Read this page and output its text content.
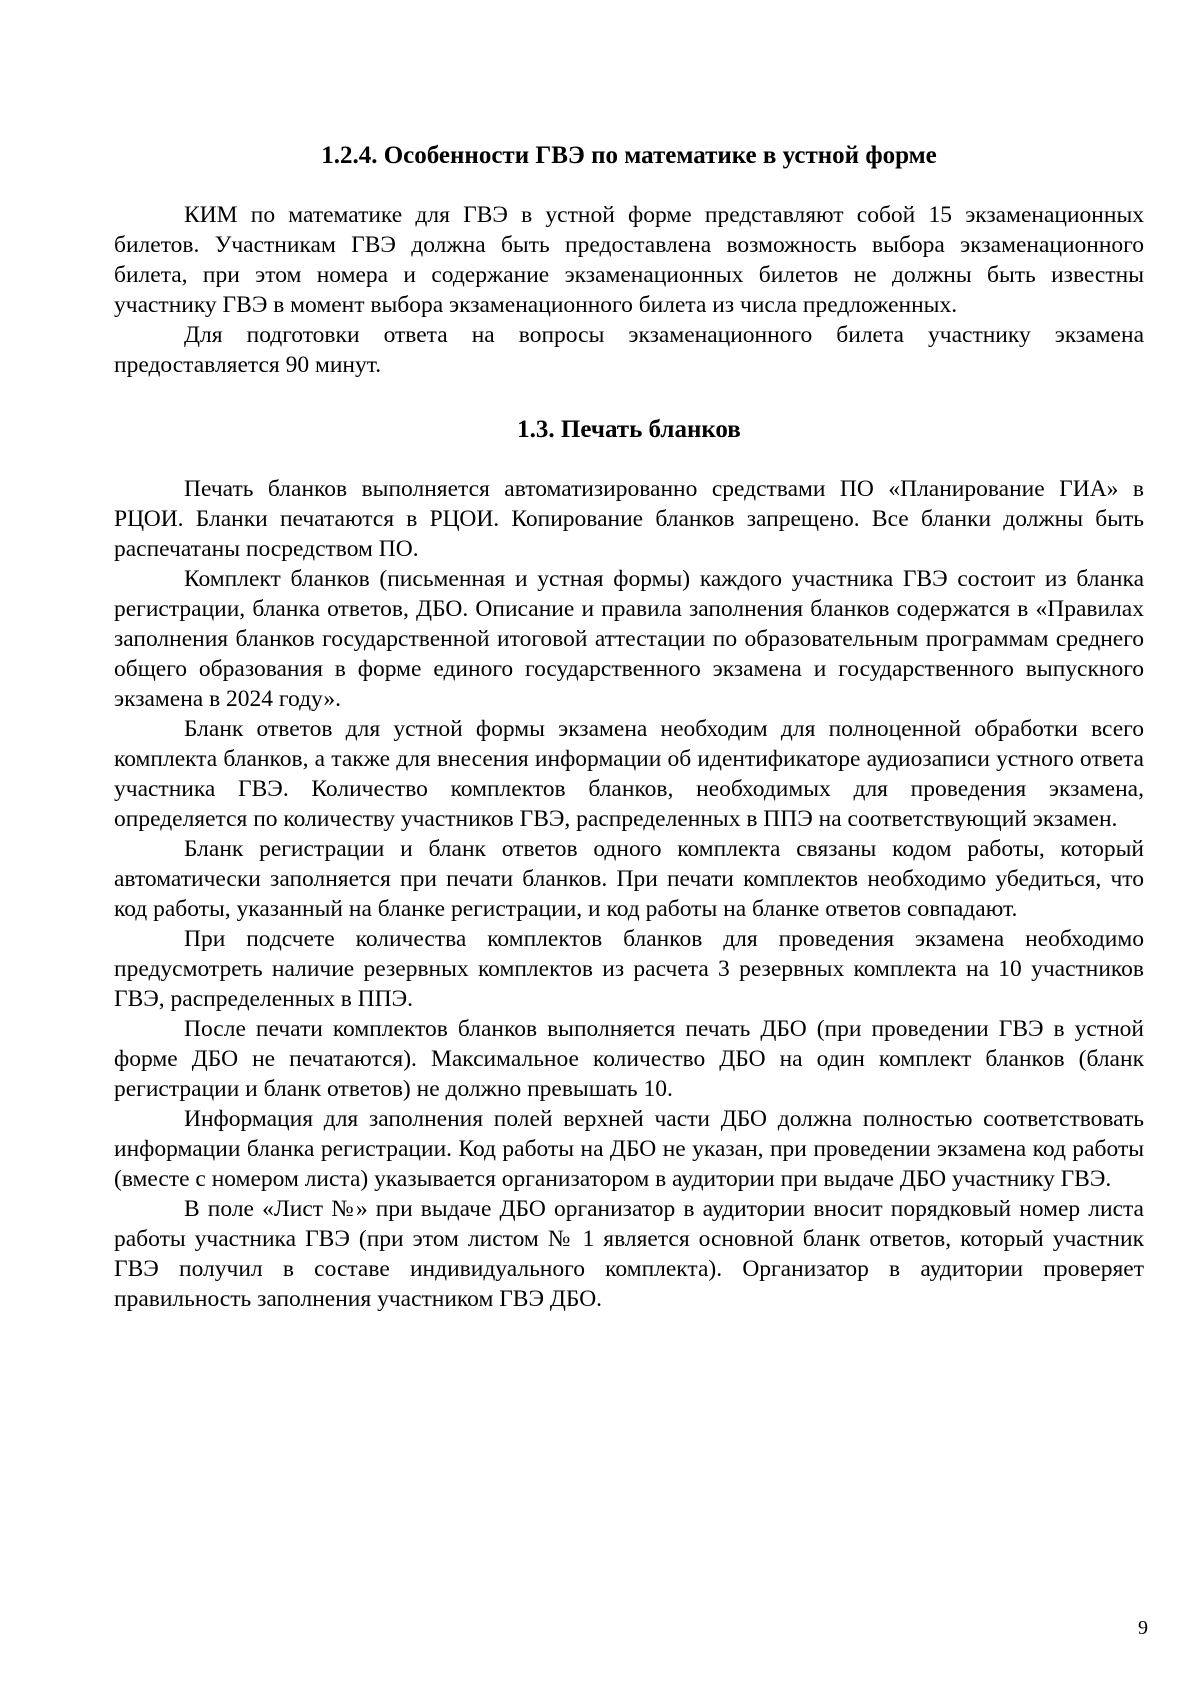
1.2.4. Особенности ГВЭ по математике в устной форме

КИМ по математике для ГВЭ в устной форме представляют собой 15 экзаменационных билетов. Участникам ГВЭ должна быть предоставлена возможность выбора экзаменационного билета, при этом номера и содержание экзаменационных билетов не должны быть известны участнику ГВЭ в момент выбора экзаменационного билета из числа предложенных.

Для подготовки ответа на вопросы экзаменационного билета участнику экзамена предоставляется 90 минут.

1.3. Печать бланков

Печать бланков выполняется автоматизированно средствами ПО «Планирование ГИА» в РЦОИ. Бланки печатаются в РЦОИ. Копирование бланков запрещено. Все бланки должны быть распечатаны посредством ПО.

Комплект бланков (письменная и устная формы) каждого участника ГВЭ состоит из бланка регистрации, бланка ответов, ДБО. Описание и правила заполнения бланков содержатся в «Правилах заполнения бланков государственной итоговой аттестации по образовательным программам среднего общего образования в форме единого государственного экзамена и государственного выпускного экзамена в 2024 году».

Бланк ответов для устной формы экзамена необходим для полноценной обработки всего комплекта бланков, а также для внесения информации об идентификаторе аудиозаписи устного ответа участника ГВЭ. Количество комплектов бланков, необходимых для проведения экзамена, определяется по количеству участников ГВЭ, распределенных в ППЭ на соответствующий экзамен.

Бланк регистрации и бланк ответов одного комплекта связаны кодом работы, который автоматически заполняется при печати бланков. При печати комплектов необходимо убедиться, что код работы, указанный на бланке регистрации, и код работы на бланке ответов совпадают.

При подсчете количества комплектов бланков для проведения экзамена необходимо предусмотреть наличие резервных комплектов из расчета 3 резервных комплекта на 10 участников ГВЭ, распределенных в ППЭ.

После печати комплектов бланков выполняется печать ДБО (при проведении ГВЭ в устной форме ДБО не печатаются). Максимальное количество ДБО на один комплект бланков (бланк регистрации и бланк ответов) не должно превышать 10.

Информация для заполнения полей верхней части ДБО должна полностью соответствовать информации бланка регистрации. Код работы на ДБО не указан, при проведении экзамена код работы (вместе с номером листа) указывается организатором в аудитории при выдаче ДБО участнику ГВЭ.

В поле «Лист №» при выдаче ДБО организатор в аудитории вносит порядковый номер листа работы участника ГВЭ (при этом листом № 1 является основной бланк ответов, который участник ГВЭ получил в составе индивидуального комплекта). Организатор в аудитории проверяет правильность заполнения участником ГВЭ ДБО.

9
